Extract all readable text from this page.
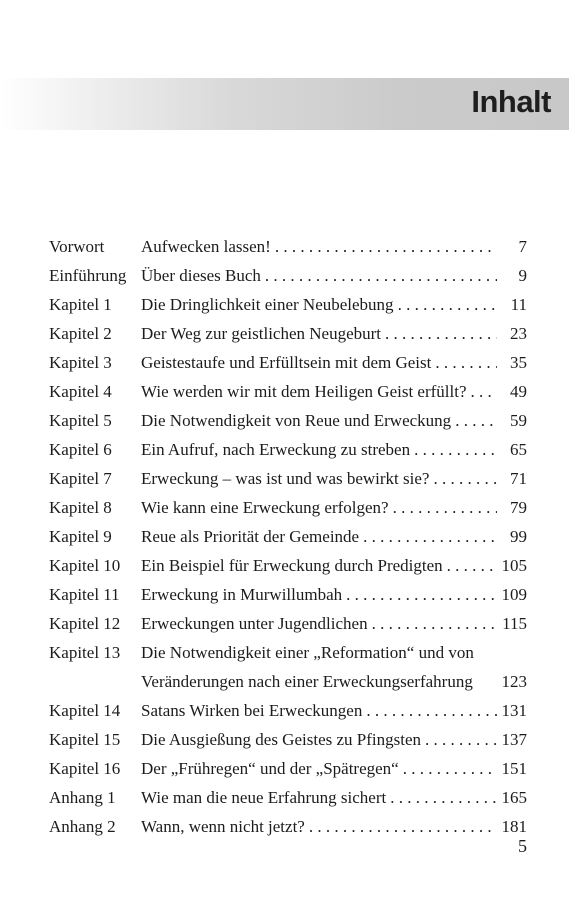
Inhalt
Vorwort Aufwecken lassen! . . .	7
Einführung Über dieses Buch . . .	9
Kapitel 1 Die Dringlichkeit einer Neubelebung . . .	11
Kapitel 2 Der Weg zur geistlichen Neugeburt . . .	23
Kapitel 3 Geistestaufe und Erfülltsein mit dem Geist . . .	35
Kapitel 4 Wie werden wir mit dem Heiligen Geist erfüllt? . . .	49
Kapitel 5 Die Notwendigkeit von Reue und Erweckung . . .	59
Kapitel 6 Ein Aufruf, nach Erweckung zu streben . . .	65
Kapitel 7 Erweckung – was ist und was bewirkt sie? . . .	71
Kapitel 8 Wie kann eine Erweckung erfolgen? . . .	79
Kapitel 9 Reue als Priorität der Gemeinde . . .	99
Kapitel 10 Ein Beispiel für Erweckung durch Predigten . . .	105
Kapitel 11 Erweckung in Murwillumbah . . .	109
Kapitel 12 Erweckungen unter Jugendlichen . . .	115
Kapitel 13 Die Notwendigkeit einer „Reformation“ und von
Veränderungen nach einer Erweckungserfahrung	123
Kapitel 14 Satans Wirken bei Erweckungen . . .	131
Kapitel 15 Die Ausgießung des Geistes zu Pfingsten . . .	137
Kapitel 16 Der „Frühregen“ und der „Spätregen“ . . .	151
Anhang 1 Wie man die neue Erfahrung sichert . . .	165
Anhang 2 Wann, wenn nicht jetzt? . . .	181
5
